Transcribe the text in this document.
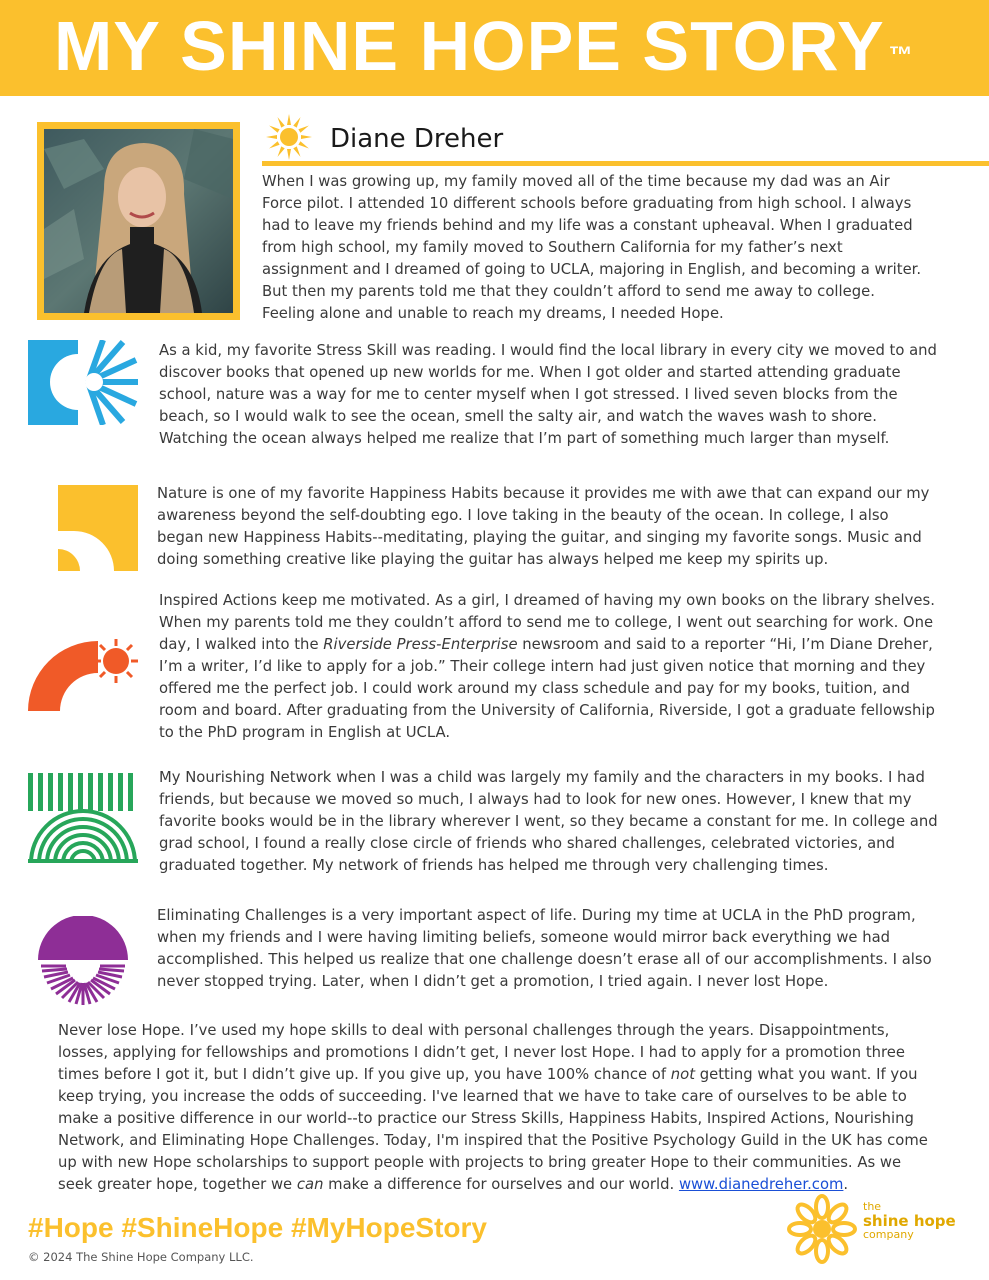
MY SHINE HOPE STORY ™
Diane Dreher

When I was growing up, my family moved all of the time because my dad was an Air Force pilot. I attended 10 different schools before graduating from high school. I always had to leave my friends behind and my life was a constant upheaval. When I graduated from high school, my family moved to Southern California for my father’s next assignment and I dreamed of going to UCLA, majoring in English, and becoming a writer. But then my parents told me that they couldn’t afford to send me away to college. Feeling alone and unable to reach my dreams, I needed Hope.

As a kid, my favorite Stress Skill was reading. I would find the local library in every city we moved to and discover books that opened up new worlds for me. When I got older and started attending graduate school, nature was a way for me to center myself when I got stressed. I lived seven blocks from the beach, so I would walk to see the ocean, smell the salty air, and watch the waves wash to shore. Watching the ocean always helped me realize that I’m part of something much larger than myself.

Nature is one of my favorite Happiness Habits because it provides me with awe that can expand our my awareness beyond the self-doubting ego. I love taking in the beauty of the ocean. In college, I also began new Happiness Habits--meditating, playing the guitar, and singing my favorite songs. Music and doing something creative like playing the guitar has always helped me keep my spirits up.

Inspired Actions keep me motivated. As a girl, I dreamed of having my own books on the library shelves. When my parents told me they couldn’t afford to send me to college, I went out searching for work. One day, I walked into the Riverside Press-Enterprise newsroom and said to a reporter “Hi, I’m Diane Dreher, I’m a writer, I’d like to apply for a job.” Their college intern had just given notice that morning and they offered me the perfect job. I could work around my class schedule and pay for my books, tuition, and room and board. After graduating from the University of California, Riverside, I got a graduate fellowship to the PhD program in English at UCLA.

My Nourishing Network when I was a child was largely my family and the characters in my books. I had friends, but because we moved so much, I always had to look for new ones. However, I knew that my favorite books would be in the library wherever I went, so they became a constant for me. In college and grad school, I found a really close circle of friends who shared challenges, celebrated victories, and graduated together. My network of friends has helped me through very challenging times.

Eliminating Challenges is a very important aspect of life. During my time at UCLA in the PhD program, when my friends and I were having limiting beliefs, someone would mirror back everything we had accomplished. This helped us realize that one challenge doesn’t erase all of our accomplishments. I also never stopped trying. Later, when I didn’t get a promotion, I tried again. I never lost Hope.

Never lose Hope. I’ve used my hope skills to deal with personal challenges through the years. Disappointments, losses, applying for fellowships and promotions I didn’t get, I never lost Hope. I had to apply for a promotion three times before I got it, but I didn’t give up. If you give up, you have 100% chance of not getting what you want. If you keep trying, you increase the odds of succeeding. I've learned that we have to take care of ourselves to be able to make a positive difference in our world--to practice our Stress Skills, Happiness Habits, Inspired Actions, Nourishing Network, and Eliminating Hope Challenges. Today, I'm inspired that the Positive Psychology Guild in the UK has come up with new Hope scholarships to support people with projects to bring greater Hope to their communities. As we seek greater hope, together we can make a difference for ourselves and our world. www.dianedreher.com.

#Hope #ShineHope #MyHopeStory
© 2024 The Shine Hope Company LLC.
the
shine hope
company
